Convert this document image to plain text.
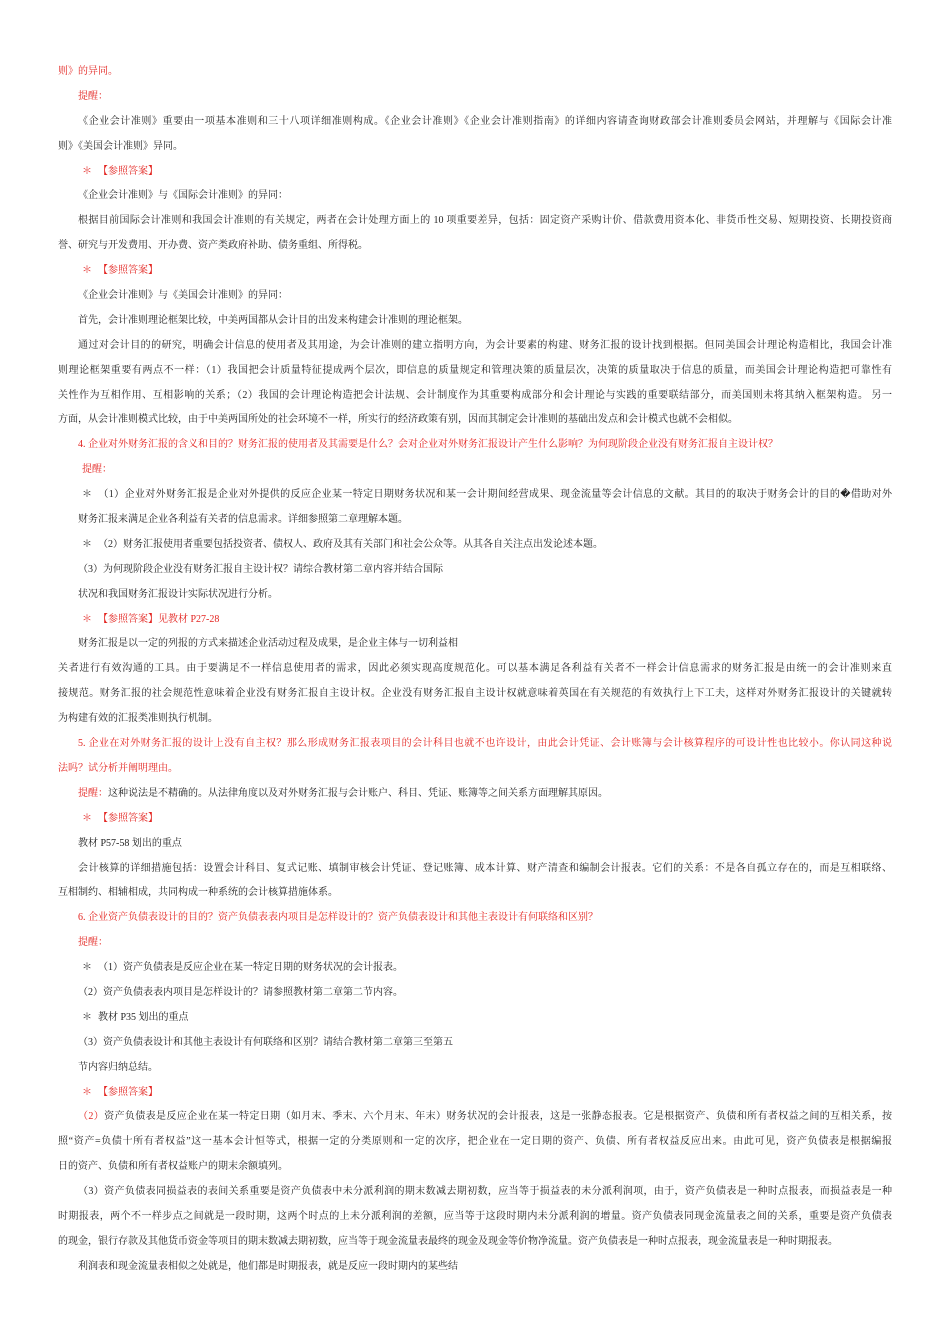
则》的异同。
提醒：
《企业会计准则》重要由一项基本准则和三十八项详细准则构成。《企业会计准则》《企业会计准则指南》的详细内容请查询财政部会计准则委员会网站，并理解与《国际会计准
则》《美国会计准则》异同。
＊ 【参照答案】
《企业会计准则》与《国际会计准则》的异同：
根据目前国际会计准则和我国会计准则的有关规定，两者在会计处理方面上的 10 项重要差异，包括：固定资产采购计价、借款费用资本化、非货币性交易、短期投资、长期投资商
誉、研究与开发费用、开办费、资产类政府补助、债务重组、所得税。
＊ 【参照答案】
《企业会计准则》与《美国会计准则》的异同：
首先，会计准则理论框架比较，中美两国都从会计目的出发来构建会计准则的理论框架。
通过对会计目的的研究，明确会计信息的使用者及其用途，为会计准则的建立指明方向，为会计要素的构建、财务汇报的设计找到根据。但同美国会计理论构造相比，我国会计准
则理论框架重要有两点不一样：（1）我国把会计质量特征提成两个层次，即信息的质量规定和管理决策的质量层次，决策的质量取决于信息的质量，而美国会计理论构造把可靠性有
关性作为互相作用、互相影响的关系；（2）我国的会计理论构造把会计法规、会计制度作为其重要构成部分和会计理论与实践的重要联结部分，而美国则未将其纳入框架构造。 另一
方面，从会计准则模式比较，由于中美两国所处的社会环境不一样，所实行的经济政策有别，因而其制定会计准则的基础出发点和会计模式也就不会相似。
4. 企业对外财务汇报的含义和目的？财务汇报的使用者及其需要是什么？会对企业对外财务汇报设计产生什么影响？为何现阶段企业没有财务汇报自主设计权？
提醒：
＊ （1）企业对外财务汇报是企业对外提供的反应企业某一特定日期财务状况和某一会计期间经营成果、现金流量等会计信息的文献。其目的的取决于财务会计的目的�借助对外
财务汇报来满足企业各利益有关者的信息需求。详细参照第二章理解本题。
＊ （2）财务汇报使用者重要包括投资者、债权人、政府及其有关部门和社会公众等。从其各自关注点出发论述本题。
（3）为何现阶段企业没有财务汇报自主设计权？请综合教材第二章内容并结合国际
状况和我国财务汇报设计实际状况进行分析。
＊ 【参照答案】见教材 P27-28
财务汇报是以一定的列报的方式来描述企业活动过程及成果，是企业主体与一切利益相
关者进行有效沟通的工具。由于要满足不一样信息使用者的需求，因此必须实现高度规范化。可以基本满足各利益有关者不一样会计信息需求的财务汇报是由统一的会计准则来直
接规范。财务汇报的社会规范性意味着企业没有财务汇报自主设计权。企业没有财务汇报自主设计权就意味着英国在有关规范的有效执行上下工夫，这样对外财务汇报设计的关键就转
为构建有效的汇报类准则执行机制。
5. 企业在对外财务汇报的设计上没有自主权？那么形成财务汇报表项目的会计科目也就不也许设计，由此会计凭证、会计账簿与会计核算程序的可设计性也比较小。你认同这种说
法吗？试分析并阐明理由。
提醒：这种说法是不精确的。从法律角度以及对外财务汇报与会计账户、科目、凭证、账簿等之间关系方面理解其原因。
＊ 【参照答案】
教材 P57-58 划出的重点
会计核算的详细措施包括：设置会计科目、复式记账、填制审核会计凭证、登记账簿、成本计算、财产清查和编制会计报表。它们的关系：不是各自孤立存在的，而是互相联络、
互相制约、相辅相成，共同构成一种系统的会计核算措施体系。
6. 企业资产负债表设计的目的？资产负债表表内项目是怎样设计的？资产负债表设计和其他主表设计有何联络和区别？
提醒：
＊ （1）资产负债表是反应企业在某一特定日期的财务状况的会计报表。
（2）资产负债表表内项目是怎样设计的？请参照教材第二章第二节内容。
＊ 教材 P35 划出的重点
（3）资产负债表设计和其他主表设计有何联络和区别？请结合教材第二章第三至第五
节内容归纳总结。
＊ 【参照答案】
（2）资产负债表是反应企业在某一特定日期（如月末、季末、六个月末、年末）财务状况的会计报表，这是一张静态报表。它是根据资产、负债和所有者权益之间的互相关系，按
照“资产=负债十所有者权益”这一基本会计恒等式，根据一定的分类原则和一定的次序，把企业在一定日期的资产、负债、所有者权益反应出来。由此可见，资产负债表是根据编报
日的资产、负债和所有者权益账户的期末余额填列。
（3）资产负债表同损益表的表间关系重要是资产负债表中未分派利润的期末数减去期初数，应当等于损益表的未分派利润项，由于，资产负债表是一种时点报表，而损益表是一种
时期报表，两个不一样步点之间就是一段时期，这两个时点的上未分派利润的差额，应当等于这段时期内未分派利润的增量。资产负债表同现金流量表之间的关系，重要是资产负债表
的现金，银行存款及其他货币资金等项目的期末数减去期初数，应当等于现金流量表最终的现金及现金等价物净流量。资产负债表是一种时点报表，现金流量表是一种时期报表。
利润表和现金流量表相似之处就是，他们都是时期报表，就是反应一段时期内的某些结
